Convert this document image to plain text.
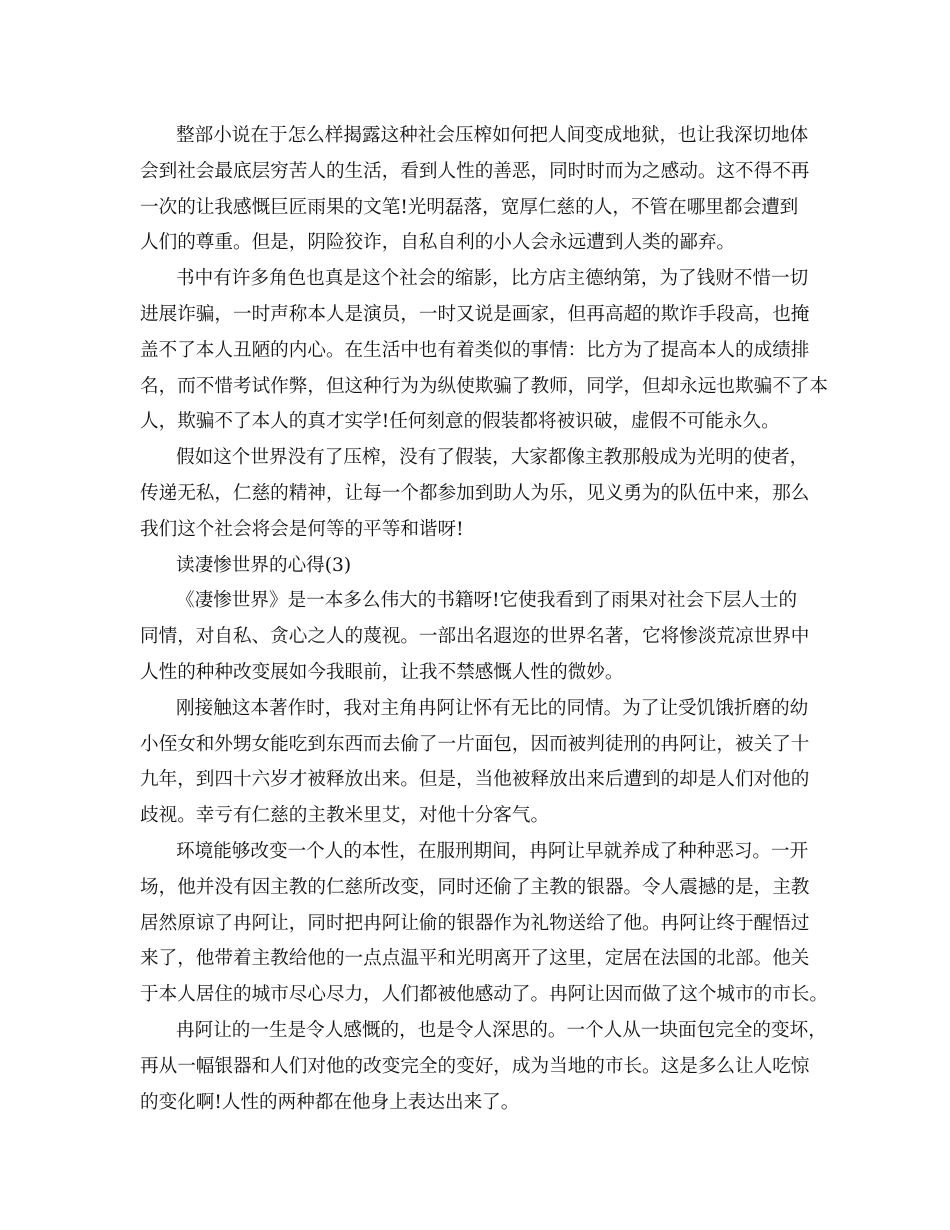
整部小说在于怎么样揭露这种社会压榨如何把人间变成地狱，也让我深切地体
会到社会最底层穷苦人的生活，看到人性的善恶，同时时而为之感动。这不得不再
一次的让我感慨巨匠雨果的文笔!光明磊落，宽厚仁慈的人，不管在哪里都会遭到
人们的尊重。但是，阴险狡诈，自私自利的小人会永远遭到人类的鄙弃。
书中有许多角色也真是这个社会的缩影，比方店主德纳第，为了钱财不惜一切
进展诈骗，一时声称本人是演员，一时又说是画家，但再高超的欺诈手段高，也掩
盖不了本人丑陋的内心。在生活中也有着类似的事情：比方为了提高本人的成绩排
名，而不惜考试作弊，但这种行为为纵使欺骗了教师，同学，但却永远也欺骗不了本
人，欺骗不了本人的真才实学!任何刻意的假装都将被识破，虚假不可能永久。
假如这个世界没有了压榨，没有了假装，大家都像主教那般成为光明的使者，
传递无私，仁慈的精神，让每一个都参加到助人为乐，见义勇为的队伍中来，那么
我们这个社会将会是何等的平等和谐呀!
读凄惨世界的心得(3)
《凄惨世界》是一本多么伟大的书籍呀!它使我看到了雨果对社会下层人士的
同情，对自私、贪心之人的蔑视。一部出名遐迩的世界名著，它将惨淡荒凉世界中
人性的种种改变展如今我眼前，让我不禁感慨人性的微妙。
刚接触这本著作时，我对主角冉阿让怀有无比的同情。为了让受饥饿折磨的幼
小侄女和外甥女能吃到东西而去偷了一片面包，因而被判徒刑的冉阿让，被关了十
九年，到四十六岁才被释放出来。但是，当他被释放出来后遭到的却是人们对他的
歧视。幸亏有仁慈的主教米里艾，对他十分客气。
环境能够改变一个人的本性，在服刑期间，冉阿让早就养成了种种恶习。一开
场，他并没有因主教的仁慈所改变，同时还偷了主教的银器。令人震撼的是，主教
居然原谅了冉阿让，同时把冉阿让偷的银器作为礼物送给了他。冉阿让终于醒悟过
来了，他带着主教给他的一点点温平和光明离开了这里，定居在法国的北部。他关
于本人居住的城市尽心尽力，人们都被他感动了。冉阿让因而做了这个城市的市长。
冉阿让的一生是令人感慨的，也是令人深思的。一个人从一块面包完全的变坏，
再从一幅银器和人们对他的改变完全的变好，成为当地的市长。这是多么让人吃惊
的变化啊!人性的两种都在他身上表达出来了。
